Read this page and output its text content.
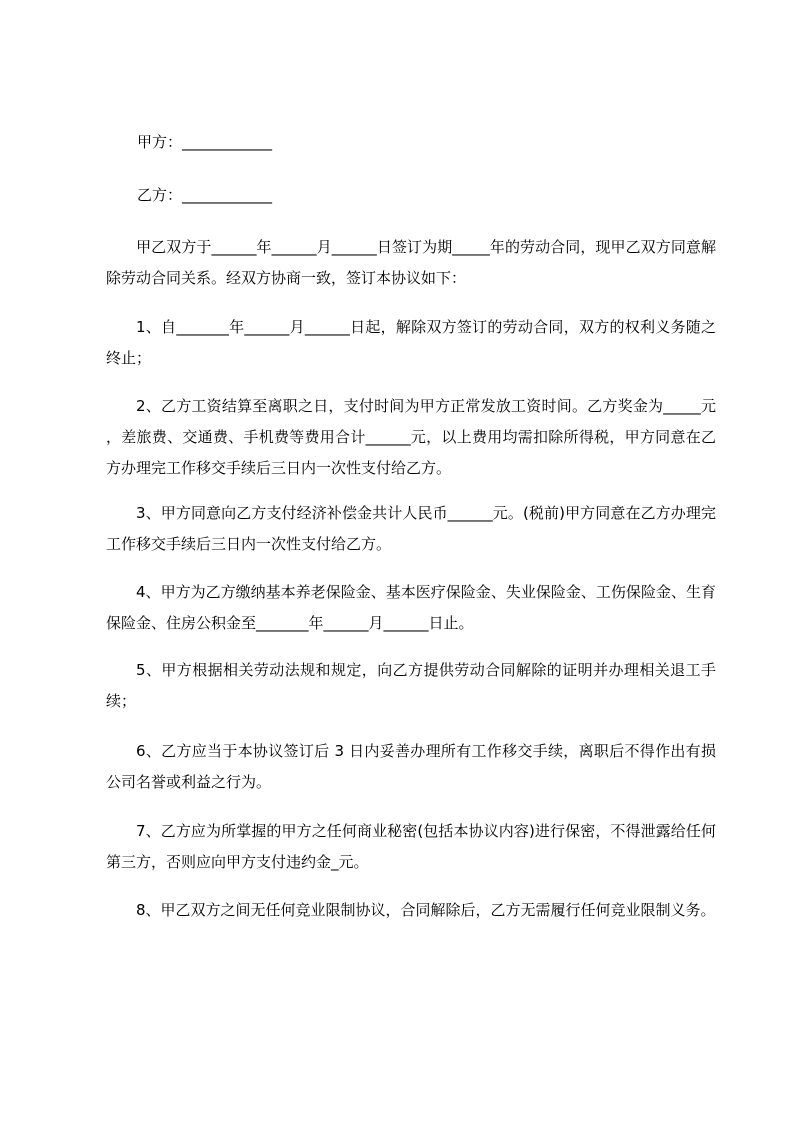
甲方：____________
乙方：____________
甲乙双方于______年______月______日签订为期_____年的劳动合同，现甲乙双方同意解除劳动合同关系。经双方协商一致，签订本协议如下：
1、自_______年______月______日起，解除双方签订的劳动合同，双方的权利义务随之终止；
2、乙方工资结算至离职之日，支付时间为甲方正常发放工资时间。乙方奖金为_____元 ，差旅费、交通费、手机费等费用合计______元，以上费用均需扣除所得税，甲方同意在乙方办理完工作移交手续后三日内一次性支付给乙方。
3、甲方同意向乙方支付经济补偿金共计人民币______元。(税前)甲方同意在乙方办理完工作移交手续后三日内一次性支付给乙方。
4、甲方为乙方缴纳基本养老保险金、基本医疗保险金、失业保险金、工伤保险金、生育保险金、住房公积金至_______年______月______日止。
5、甲方根据相关劳动法规和规定，向乙方提供劳动合同解除的证明并办理相关退工手续；
6、乙方应当于本协议签订后 3 日内妥善办理所有工作移交手续，离职后不得作出有损公司名誉或利益之行为。
7、乙方应为所掌握的甲方之任何商业秘密(包括本协议内容)进行保密，不得泄露给任何第三方，否则应向甲方支付违约金_元。
8、甲乙双方之间无任何竞业限制协议，合同解除后，乙方无需履行任何竞业限制义务。
